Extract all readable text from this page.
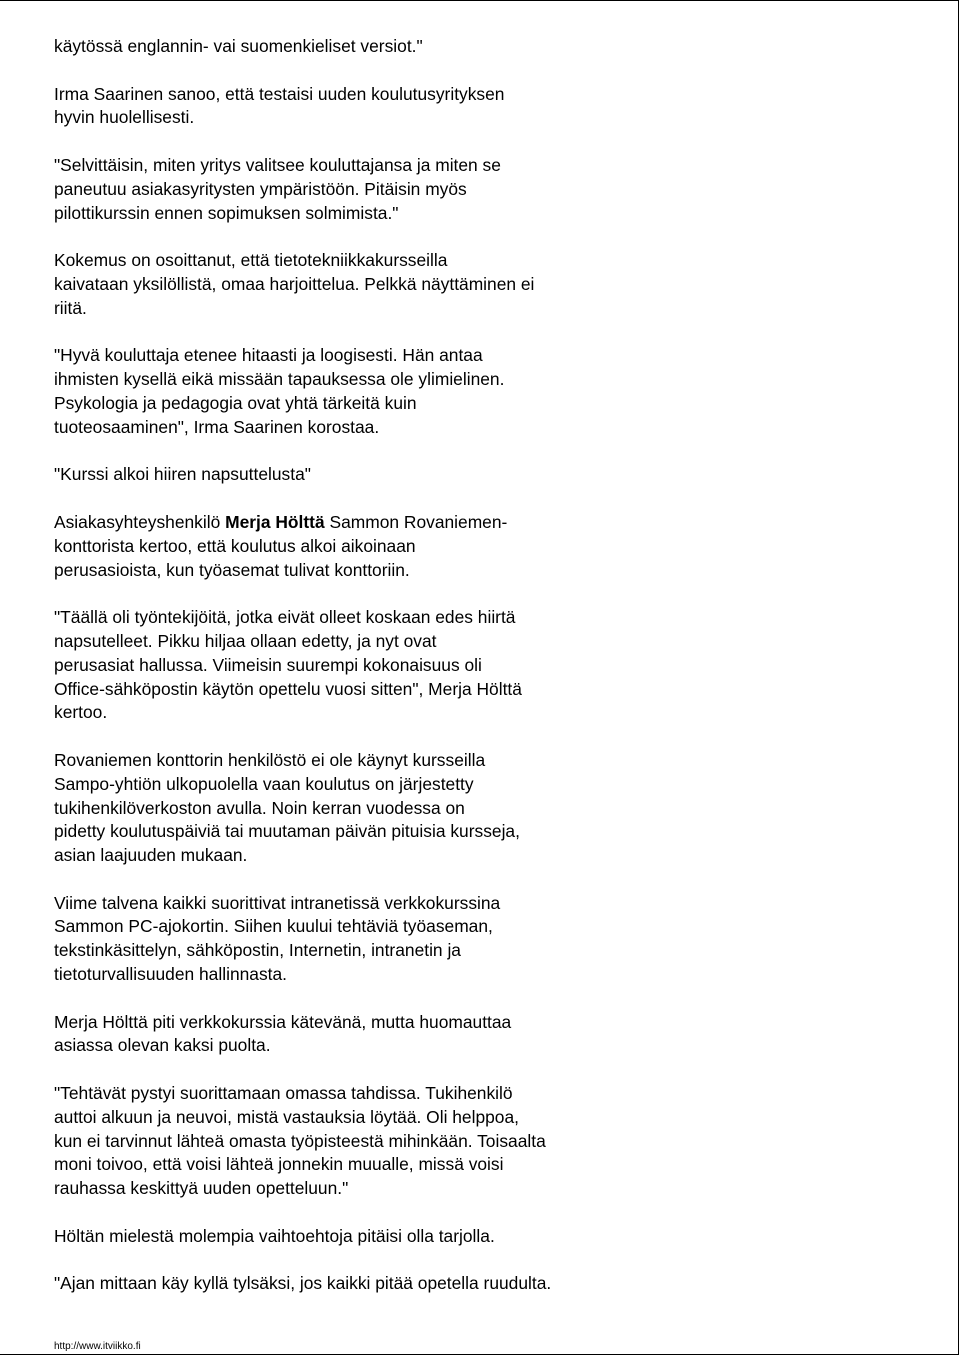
käytössä englannin- vai suomenkieliset versiot."

Irma Saarinen sanoo, että testaisi uuden koulutusyrityksen
hyvin huolellisesti.

"Selvittäisin, miten yritys valitsee kouluttajansa ja miten se
paneutuu asiakasyritysten ympäristöön. Pitäisin myös
pilottikurssin ennen sopimuksen solmimista."

Kokemus on osoittanut, että tietotekniikkakursseilla
kaivataan yksilöllistä, omaa harjoittelua. Pelkkä näyttäminen ei
riitä.

"Hyvä kouluttaja etenee hitaasti ja loogisesti. Hän antaa
ihmisten kysellä eikä missään tapauksessa ole ylimielinen.
Psykologia ja pedagogia ovat yhtä tärkeitä kuin
tuoteosaaminen", Irma Saarinen korostaa.

"Kurssi alkoi hiiren napsuttelusta"

Asiakasyhteyshenkilö Merja Hölttä Sammon Rovaniemen-
konttorista kertoo, että koulutus alkoi aikoinaan
perusasioista, kun työasemat tulivat konttoriin.

"Täällä oli työntekijöitä, jotka eivät olleet koskaan edes hiirtä
napsutelleet. Pikku hiljaa ollaan edetty, ja nyt ovat
perusasiat hallussa. Viimeisin suurempi kokonaisuus oli
Office-sähköpostin käytön opettelu vuosi sitten", Merja Hölttä
kertoo.

Rovaniemen konttorin henkilöstö ei ole käynyt kursseilla
Sampo-yhtiön ulkopuolella vaan koulutus on järjestetty
tukihenkilöverkoston avulla. Noin kerran vuodessa on
pidetty koulutuspäiviä tai muutaman päivän pituisia kursseja,
asian laajuuden mukaan.

Viime talvena kaikki suorittivat intranetissä verkkokurssina
Sammon PC-ajokortin. Siihen kuului tehtäviä työaseman,
tekstinkäsittelyn, sähköpostin, Internetin, intranetin ja
tietoturvallisuuden hallinnasta.

Merja Hölttä piti verkkokurssia kätevänä, mutta huomauttaa
asiassa olevan kaksi puolta.

"Tehtävät pystyi suorittamaan omassa tahdissa. Tukihenkilö
auttoi alkuun ja neuvoi, mistä vastauksia löytää. Oli helppoa,
kun ei tarvinnut lähteä omasta työpisteestä mihinkään. Toisaalta
moni toivoo, että voisi lähteä jonnekin muualle, missä voisi
rauhassa keskittyä uuden opetteluun."

Höltän mielestä molempia vaihtoehtoja pitäisi olla tarjolla.

"Ajan mittaan käy kyllä tylsäksi, jos kaikki pitää opetella ruudulta.

http://www.itviikko.fi
